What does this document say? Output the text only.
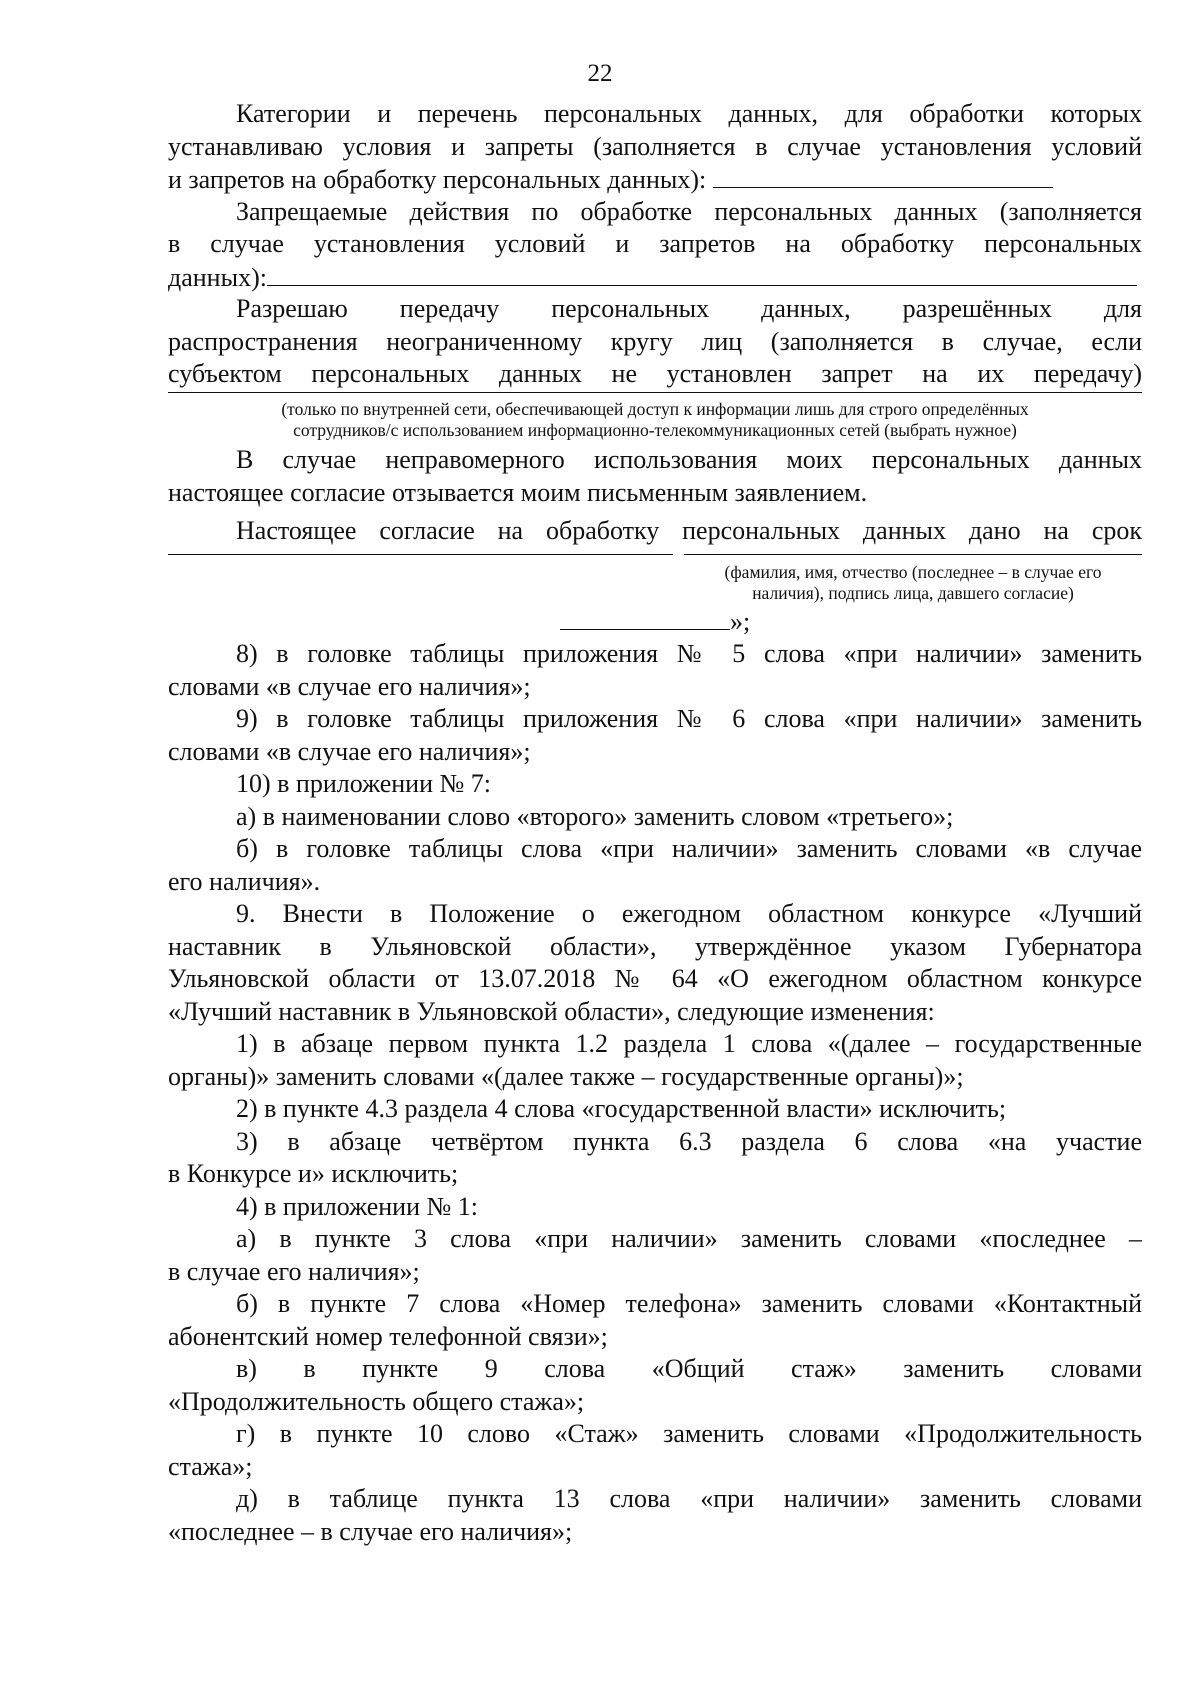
22
Категории и перечень персональных данных, для обработки которых
устанавливаю условия и запреты (заполняется в случае установления условий
и запретов на обработку персональных данных):
Запрещаемые действия по обработке персональных данных (заполняется
в случае установления условий и запретов на обработку персональных
данных):
Разрешаю передачу персональных данных, разрешённых для
распространения неограниченному кругу лиц (заполняется в случае, если
субъектом персональных данных не установлен запрет на их передачу)
(только по внутренней сети, обеспечивающей доступ к информации лишь для строго определённых
сотрудников/с использованием информационно-телекоммуникационных сетей (выбрать нужное)
В случае неправомерного использования моих персональных данных
настоящее согласие отзывается моим письменным заявлением.
Настоящее согласие на обработку персональных данных дано на срок
(фамилия, имя, отчество (последнее – в случае его
наличия), подпись лица, давшего согласие)
»;
8) в головке таблицы приложения № 5 слова «при наличии» заменить
словами «в случае его наличия»;
9) в головке таблицы приложения № 6 слова «при наличии» заменить
словами «в случае его наличия»;
10) в приложении № 7:
а) в наименовании слово «второго» заменить словом «третьего»;
б) в головке таблицы слова «при наличии» заменить словами «в случае
его наличия».
9. Внести в Положение о ежегодном областном конкурсе «Лучший
наставник в Ульяновской области», утверждённое указом Губернатора
Ульяновской области от 13.07.2018 № 64 «О ежегодном областном конкурсе
«Лучший наставник в Ульяновской области», следующие изменения:
1) в абзаце первом пункта 1.2 раздела 1 слова «(далее – государственные
органы)» заменить словами «(далее также – государственные органы)»;
2) в пункте 4.3 раздела 4 слова «государственной власти» исключить;
3) в абзаце четвёртом пункта 6.3 раздела 6 слова «на участие
в Конкурсе и» исключить;
4) в приложении № 1:
а) в пункте 3 слова «при наличии» заменить словами «последнее –
в случае его наличия»;
б) в пункте 7 слова «Номер телефона» заменить словами «Контактный
абонентский номер телефонной связи»;
в) в пункте 9 слова «Общий стаж» заменить словами
«Продолжительность общего стажа»;
г) в пункте 10 слово «Стаж» заменить словами «Продолжительность
стажа»;
д) в таблице пункта 13 слова «при наличии» заменить словами
«последнее – в случае его наличия»;
